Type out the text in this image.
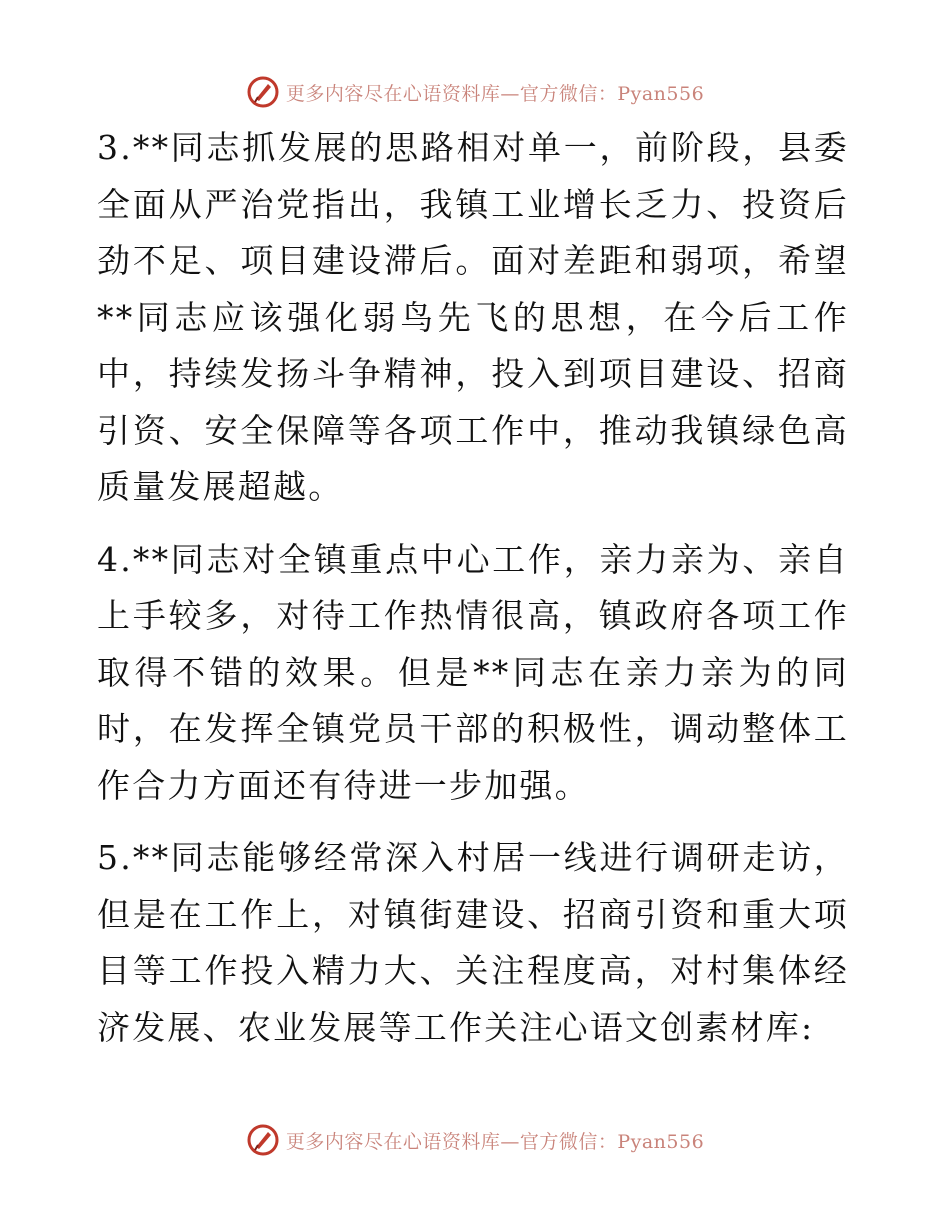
更多内容尽在心语资料库—官方微信：Pyan556

3.**同志抓发展的思路相对单一，前阶段，县委全面从严治党指出，我镇工业增长乏力、投资后劲不足、项目建设滞后。面对差距和弱项，希望**同志应该强化弱鸟先飞的思想，在今后工作中，持续发扬斗争精神，投入到项目建设、招商引资、安全保障等各项工作中，推动我镇绿色高质量发展超越。

4.**同志对全镇重点中心工作，亲力亲为、亲自上手较多，对待工作热情很高，镇政府各项工作取得不错的效果。但是**同志在亲力亲为的同时，在发挥全镇党员干部的积极性，调动整体工作合力方面还有待进一步加强。

5.**同志能够经常深入村居一线进行调研走访，但是在工作上，对镇街建设、招商引资和重大项目等工作投入精力大、关注程度高，对村集体经济发展、农业发展等工作关注心语文创素材库:

更多内容尽在心语资料库—官方微信：Pyan556
